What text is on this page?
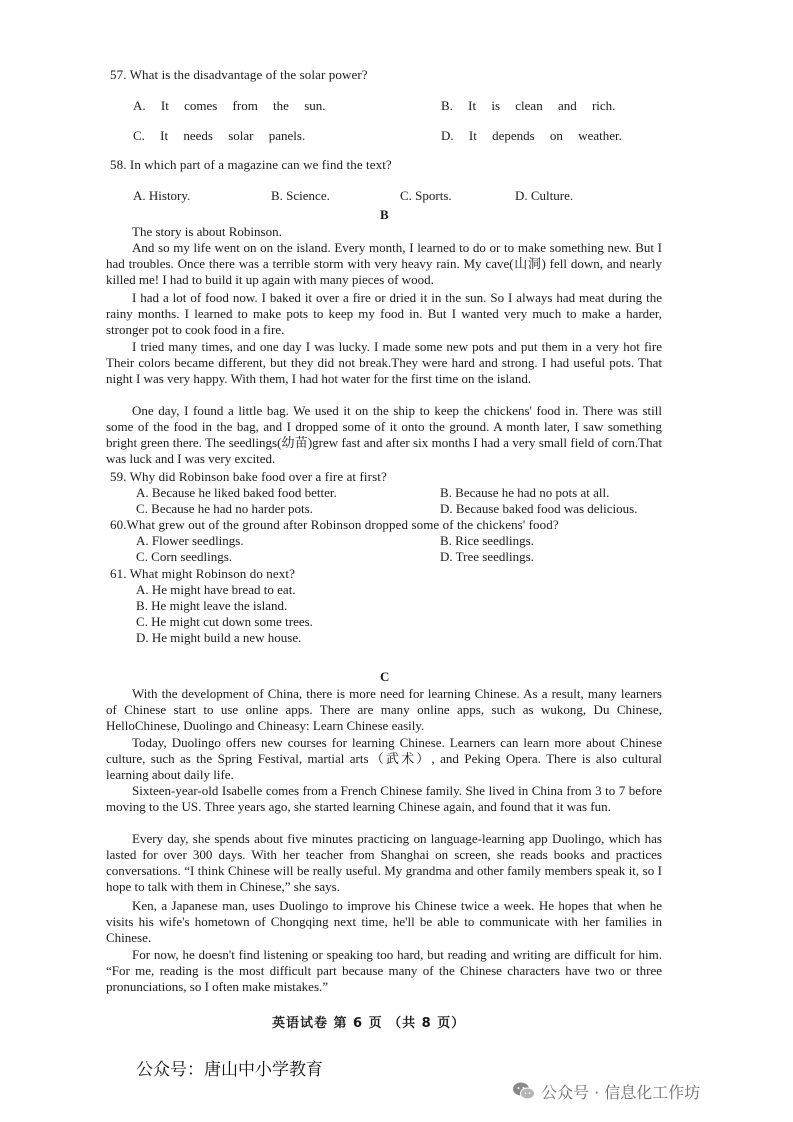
57. What is the disadvantage of the solar power?
A. It comes from the sun.	B. It is clean and rich.
C. It needs solar panels.	D. It depends on weather.
58. In which part of a magazine can we find the text?
A. History.	B. Science.	C. Sports.	D. Culture.
B
The story is about Robinson.
And so my life went on on the island. Every month, I learned to do or to make something new. But I had troubles. Once there was a terrible storm with very heavy rain. My cave(山洞) fell down, and nearly killed me! I had to build it up again with many pieces of wood.
I had a lot of food now. I baked it over a fire or dried it in the sun. So I always had meat during the rainy months. I learned to make pots to keep my food in. But I wanted very much to make a harder, stronger pot to cook food in a fire.
I tried many times, and one day I was lucky. I made some new pots and put them in a very hot fire Their colors became different, but they did not break.They were hard and strong. I had useful pots. That night I was very happy. With them, I had hot water for the first time on the island.
One day, I found a little bag. We used it on the ship to keep the chickens' food in. There was still some of the food in the bag, and I dropped some of it onto the ground. A month later, I saw something bright green there. The seedlings(幼苗)grew fast and after six months I had a very small field of corn.That was luck and I was very excited.
59. Why did Robinson bake food over a fire at first?
A. Because he liked baked food better.	B. Because he had no pots at all.
C. Because he had no harder pots.	D. Because baked food was delicious.
60.What grew out of the ground after Robinson dropped some of the chickens' food?
A. Flower seedlings.	B. Rice seedlings.
C. Corn seedlings.	D. Tree seedlings.
61. What might Robinson do next?
A. He might have bread to eat.
B. He might leave the island.
C. He might cut down some trees.
D. He might build a new house.
C
With the development of China, there is more need for learning Chinese. As a result, many learners of Chinese start to use online apps. There are many online apps, such as wukong, Du Chinese, HelloChinese, Duolingo and Chineasy: Learn Chinese easily.
Today, Duolingo offers new courses for learning Chinese. Learners can learn more about Chinese culture, such as the Spring Festival, martial arts（武术）, and Peking Opera. There is also cultural learning about daily life.
Sixteen-year-old Isabelle comes from a French Chinese family. She lived in China from 3 to 7 before moving to the US. Three years ago, she started learning Chinese again, and found that it was fun.
Every day, she spends about five minutes practicing on language-learning app Duolingo, which has lasted for over 300 days. With her teacher from Shanghai on screen, she reads books and practices conversations. “I think Chinese will be really useful. My grandma and other family members speak it, so I hope to talk with them in Chinese,” she says.
Ken, a Japanese man, uses Duolingo to improve his Chinese twice a week. He hopes that when he visits his wife's hometown of Chongqing next time, he'll be able to communicate with her families in Chinese.
For now, he doesn't find listening or speaking too hard, but reading and writing are difficult for him. “For me, reading is the most difficult part because many of the Chinese characters have two or three pronunciations, so I often make mistakes.”
英语试卷 第 6 页 （共 8 页）
公众号：唐山中小学教育
公众号 · 信息化工作坊
